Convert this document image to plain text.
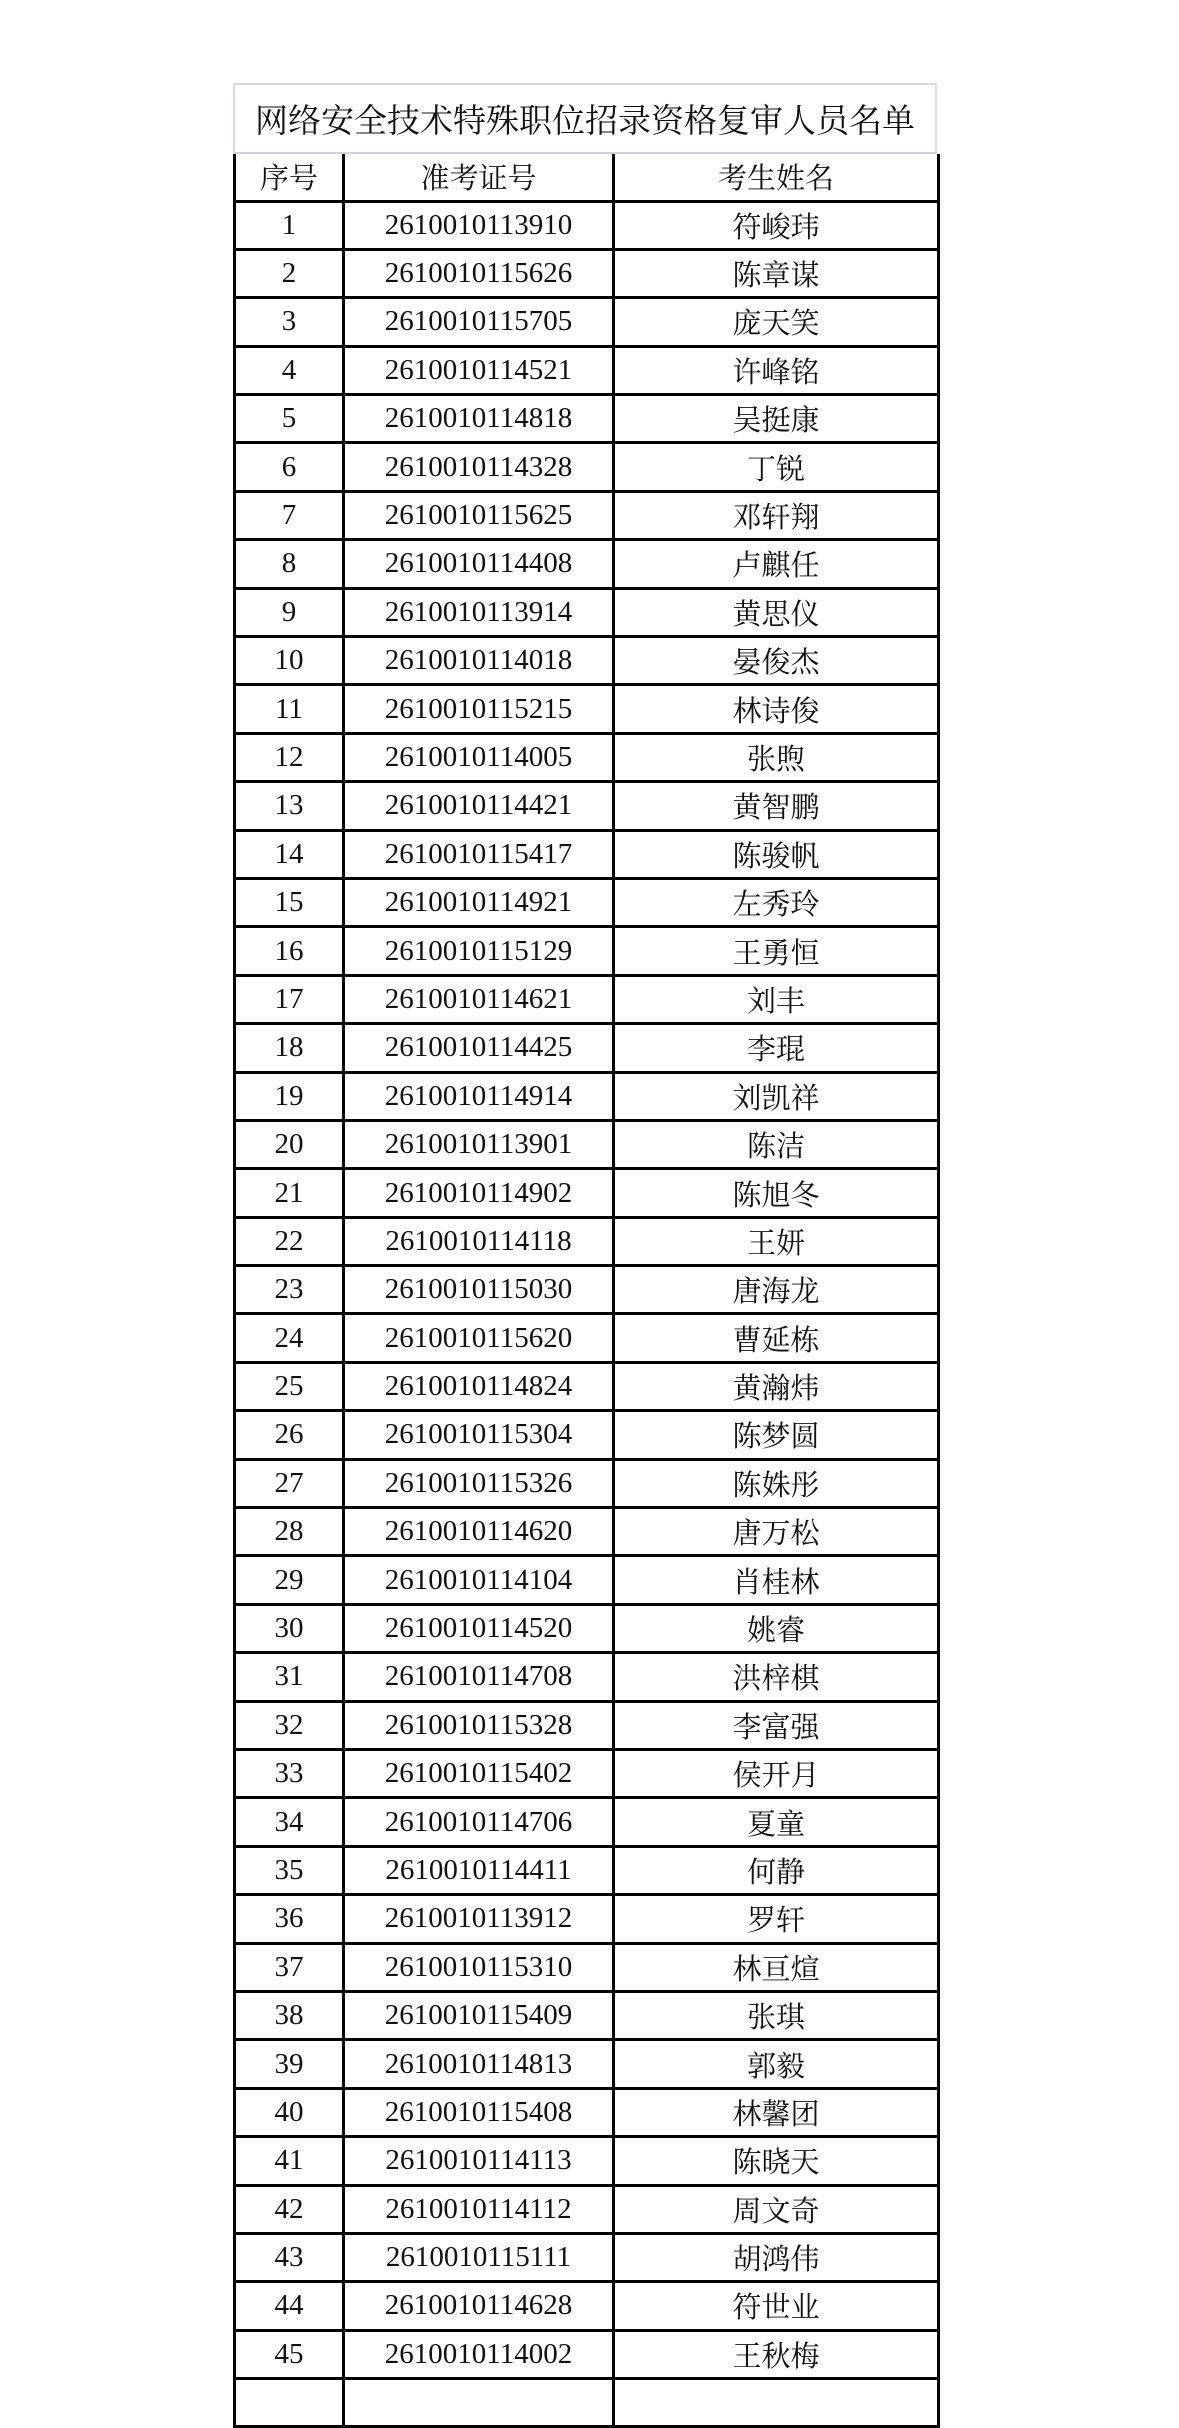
网络安全技术特殊职位招录资格复审人员名单
序号	准考证号	考生姓名
1	2610010113910	符峻玮
2	2610010115626	陈章谋
3	2610010115705	庞天笑
4	2610010114521	许峰铭
5	2610010114818	吴挺康
6	2610010114328	丁锐
7	2610010115625	邓轩翔
8	2610010114408	卢麒任
9	2610010113914	黄思仪
10	2610010114018	晏俊杰
11	2610010115215	林诗俊
12	2610010114005	张煦
13	2610010114421	黄智鹏
14	2610010115417	陈骏帆
15	2610010114921	左秀玲
16	2610010115129	王勇恒
17	2610010114621	刘丰
18	2610010114425	李琨
19	2610010114914	刘凯祥
20	2610010113901	陈洁
21	2610010114902	陈旭冬
22	2610010114118	王妍
23	2610010115030	唐海龙
24	2610010115620	曹延栋
25	2610010114824	黄瀚炜
26	2610010115304	陈梦圆
27	2610010115326	陈姝彤
28	2610010114620	唐万松
29	2610010114104	肖桂林
30	2610010114520	姚睿
31	2610010114708	洪梓棋
32	2610010115328	李富强
33	2610010115402	侯开月
34	2610010114706	夏童
35	2610010114411	何静
36	2610010113912	罗轩
37	2610010115310	林亘煊
38	2610010115409	张琪
39	2610010114813	郭毅
40	2610010115408	林馨团
41	2610010114113	陈晓天
42	2610010114112	周文奇
43	2610010115111	胡鸿伟
44	2610010114628	符世业
45	2610010114002	王秋梅
